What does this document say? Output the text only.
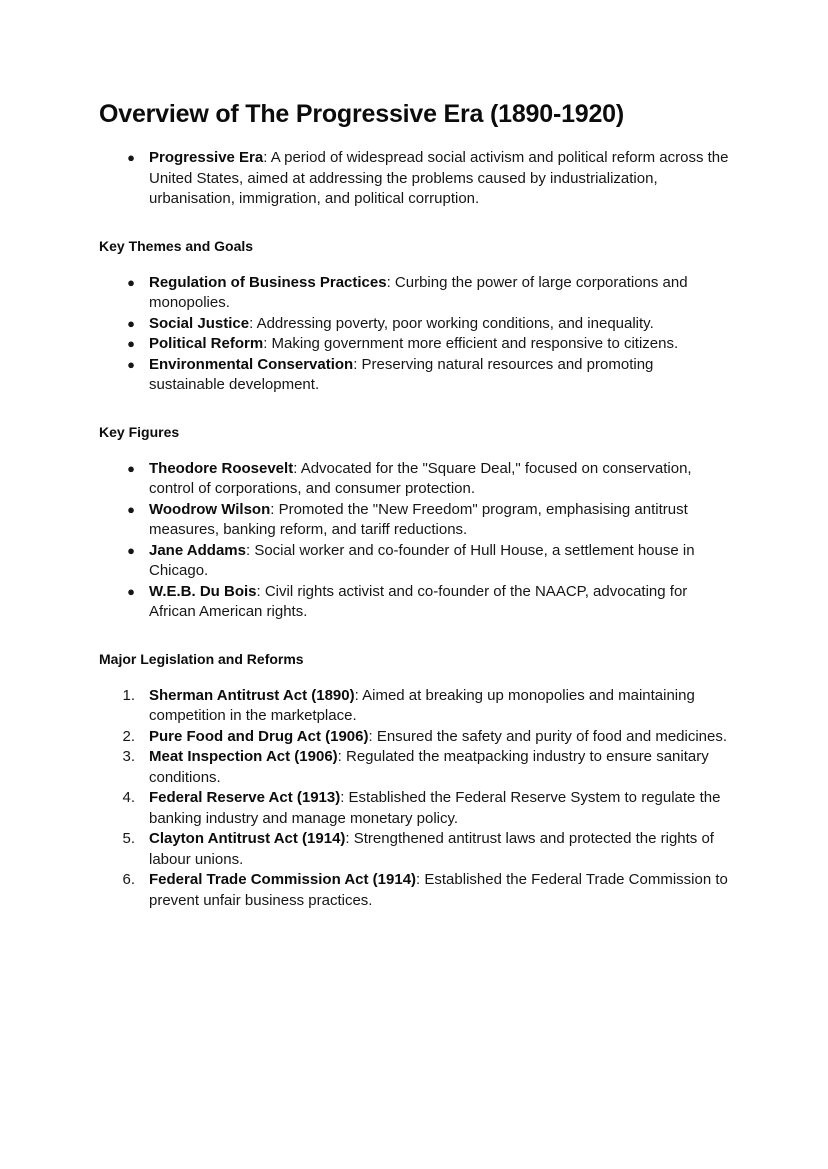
Overview of The Progressive Era (1890-1920)
● Progressive Era: A period of widespread social activism and political reform across the United States, aimed at addressing the problems caused by industrialization, urbanisation, immigration, and political corruption.
Key Themes and Goals
● Regulation of Business Practices: Curbing the power of large corporations and monopolies.
● Social Justice: Addressing poverty, poor working conditions, and inequality.
● Political Reform: Making government more efficient and responsive to citizens.
● Environmental Conservation: Preserving natural resources and promoting sustainable development.
Key Figures
● Theodore Roosevelt: Advocated for the "Square Deal," focused on conservation, control of corporations, and consumer protection.
● Woodrow Wilson: Promoted the "New Freedom" program, emphasising antitrust measures, banking reform, and tariff reductions.
● Jane Addams: Social worker and co-founder of Hull House, a settlement house in Chicago.
● W.E.B. Du Bois: Civil rights activist and co-founder of the NAACP, advocating for African American rights.
Major Legislation and Reforms
1. Sherman Antitrust Act (1890): Aimed at breaking up monopolies and maintaining competition in the marketplace.
2. Pure Food and Drug Act (1906): Ensured the safety and purity of food and medicines.
3. Meat Inspection Act (1906): Regulated the meatpacking industry to ensure sanitary conditions.
4. Federal Reserve Act (1913): Established the Federal Reserve System to regulate the banking industry and manage monetary policy.
5. Clayton Antitrust Act (1914): Strengthened antitrust laws and protected the rights of labour unions.
6. Federal Trade Commission Act (1914): Established the Federal Trade Commission to prevent unfair business practices.
